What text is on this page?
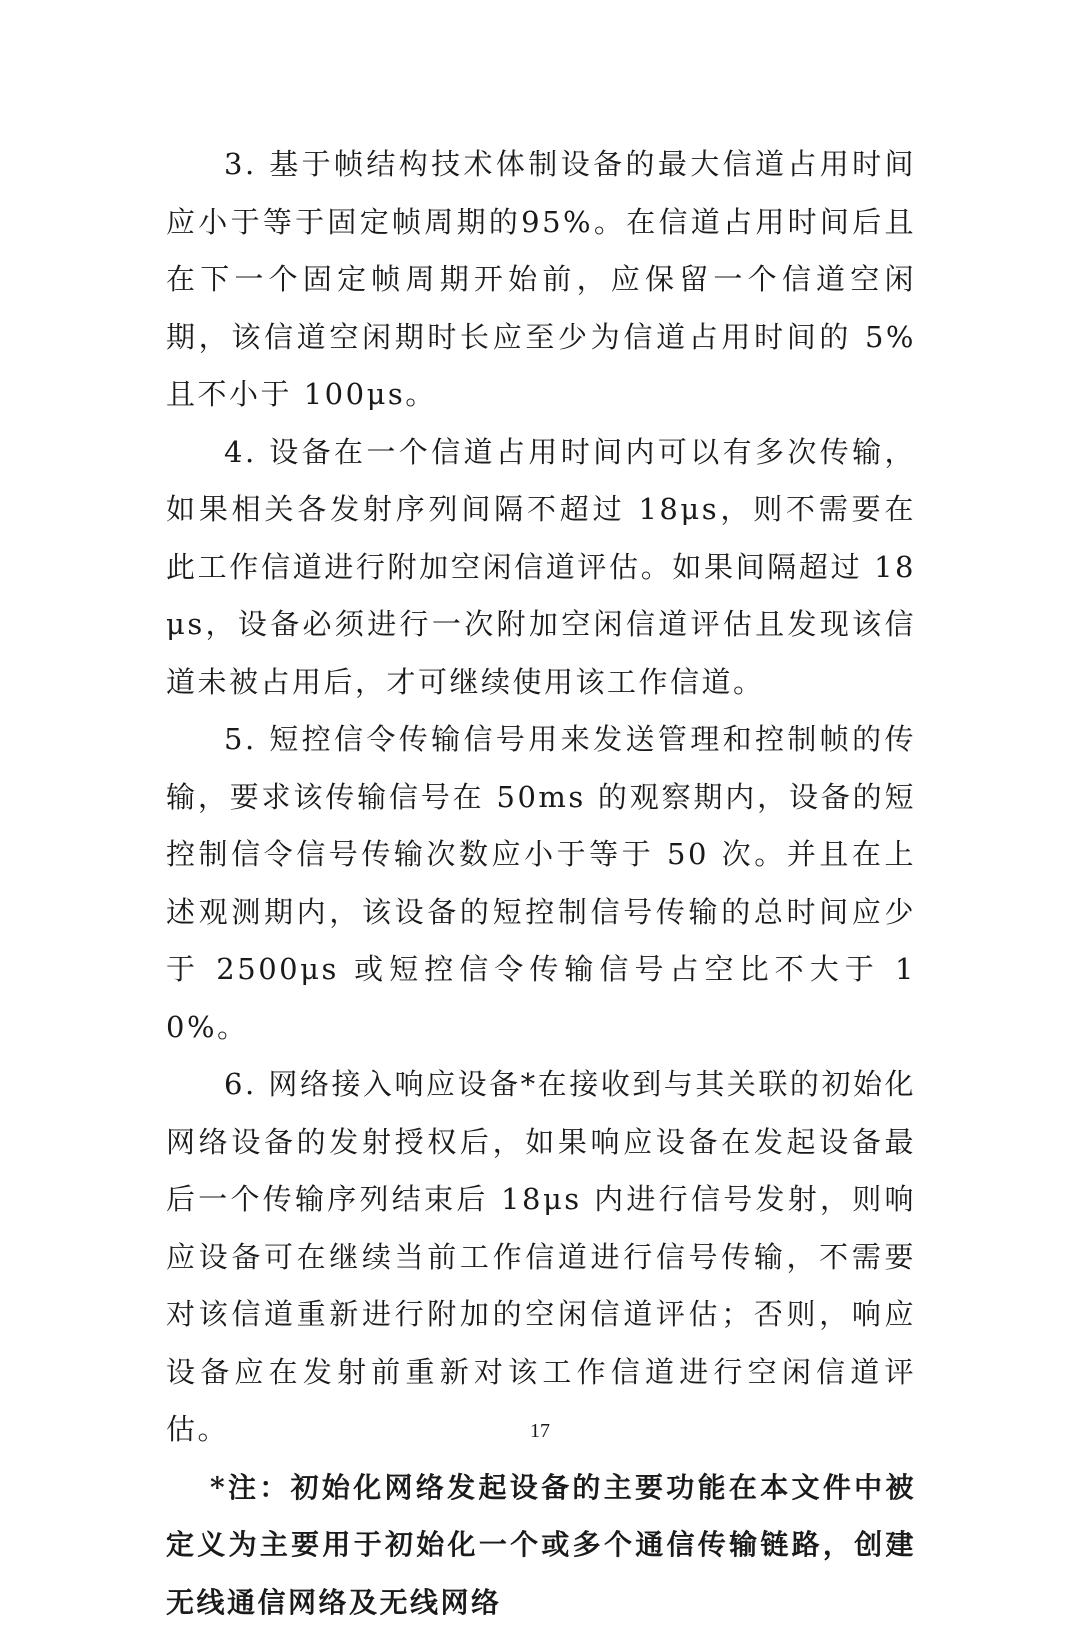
3. 基于帧结构技术体制设备的最大信道占用时间应小于等于固定帧周期的95%。在信道占用时间后且在下一个固定帧周期开始前，应保留一个信道空闲期，该信道空闲期时长应至少为信道占用时间的 5%且不小于 100μs。

4. 设备在一个信道占用时间内可以有多次传输，如果相关各发射序列间隔不超过 18μs，则不需要在此工作信道进行附加空闲信道评估。如果间隔超过 18μs，设备必须进行一次附加空闲信道评估且发现该信道未被占用后，才可继续使用该工作信道。

5. 短控信令传输信号用来发送管理和控制帧的传输，要求该传输信号在 50ms 的观察期内，设备的短控制信令信号传输次数应小于等于 50 次。并且在上述观测期内，该设备的短控制信号传输的总时间应少于 2500μs 或短控信令传输信号占空比不大于 10%。

6. 网络接入响应设备*在接收到与其关联的初始化网络设备的发射授权后，如果响应设备在发起设备最后一个传输序列结束后 18μs 内进行信号发射，则响应设备可在继续当前工作信道进行信号传输，不需要对该信道重新进行附加的空闲信道评估；否则，响应设备应在发射前重新对该工作信道进行空闲信道评估。

*注：初始化网络发起设备的主要功能在本文件中被定义为主要用于初始化一个或多个通信传输链路，创建无线通信网络及无线网络

17
